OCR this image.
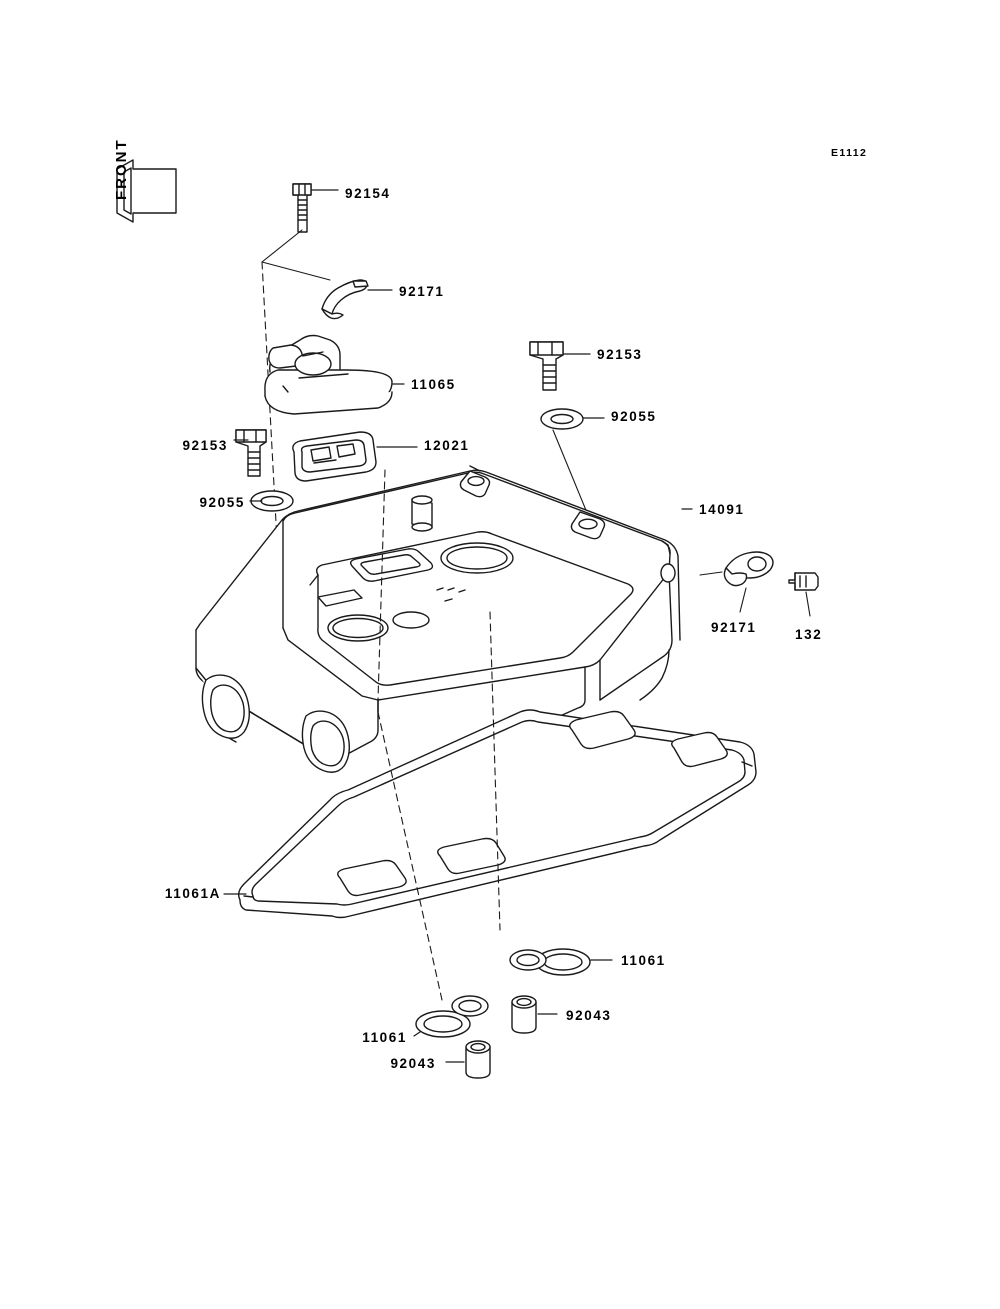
FRONT	E1112
92154
92171
92153
11065
92055
92153	12021
92055	14091
92171	132
11061A
11061
92043
11061
92043
